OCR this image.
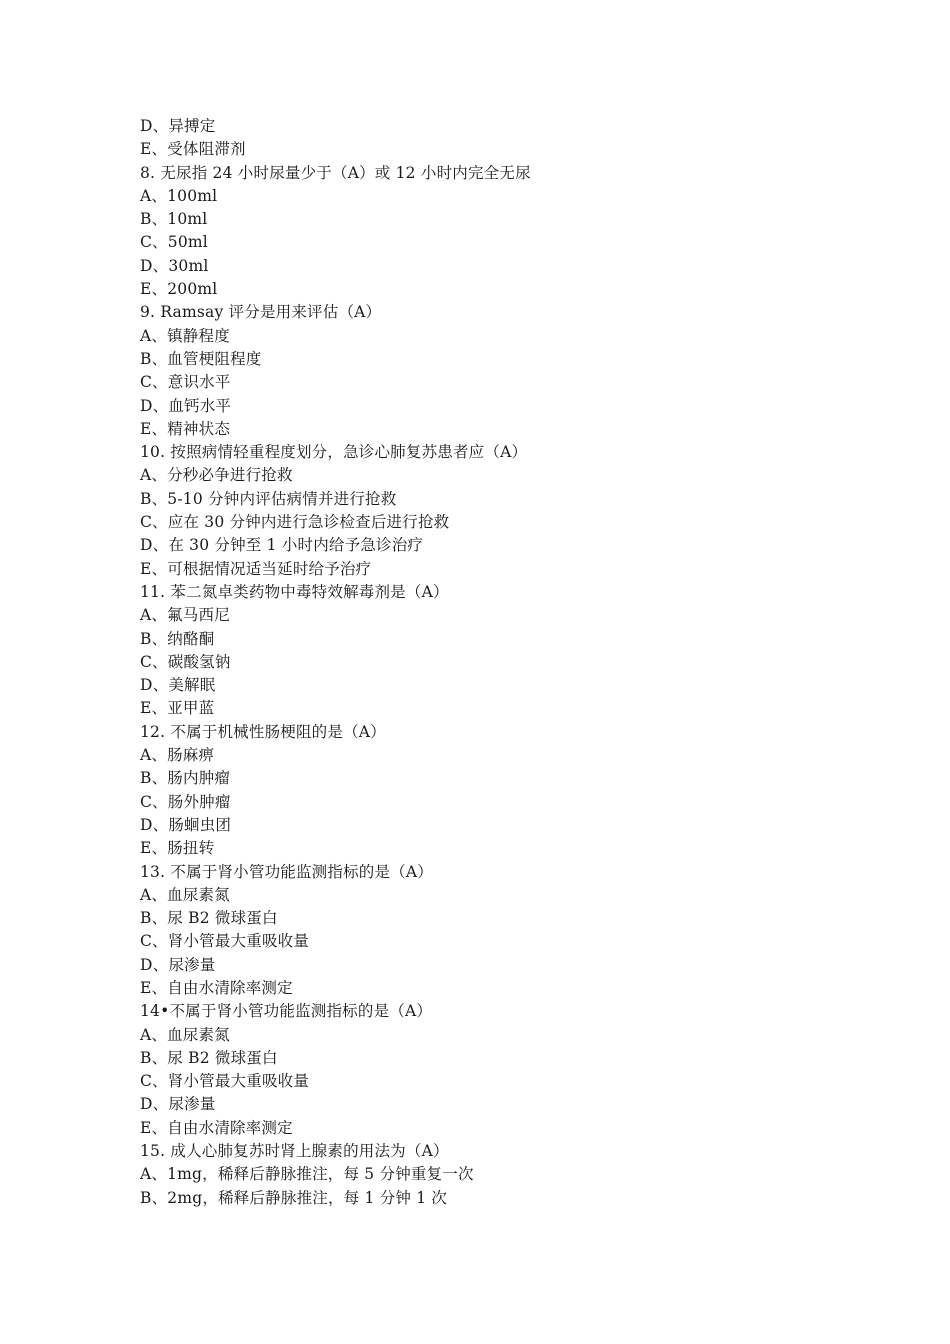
D、异搏定
E、受体阻滞剂
8. 无尿指 24 小时尿量少于（A）或 12 小时内完全无尿
A、100ml
B、10ml
C、50ml
D、30ml
E、200ml
9. Ramsay 评分是用来评估（A）
A、镇静程度
B、血管梗阻程度
C、意识水平
D、血钙水平
E、精神状态
10. 按照病情轻重程度划分，急诊心肺复苏患者应（A）
A、分秒必争进行抢救
B、5-10 分钟内评估病情并进行抢救
C、应在 30 分钟内进行急诊检查后进行抢救
D、在 30 分钟至 1 小时内给予急诊治疗
E、可根据情况适当延时给予治疗
11. 苯二氮卓类药物中毒特效解毒剂是（A）
A、氟马西尼
B、纳酪酮
C、碳酸氢钠
D、美解眠
E、亚甲蓝
12. 不属于机械性肠梗阻的是（A）
A、肠麻痹
B、肠内肿瘤
C、肠外肿瘤
D、肠蛔虫团
E、肠扭转
13. 不属于肾小管功能监测指标的是（A）
A、血尿素氮
B、尿 B2 微球蛋白
C、肾小管最大重吸收量
D、尿渗量
E、自由水清除率测定
14•不属于肾小管功能监测指标的是（A）
A、血尿素氮
B、尿 B2 微球蛋白
C、肾小管最大重吸收量
D、尿渗量
E、自由水清除率测定
15. 成人心肺复苏时肾上腺素的用法为（A）
A、1mg，稀释后静脉推注，每 5 分钟重复一次
B、2mg，稀释后静脉推注，每 1 分钟 1 次
